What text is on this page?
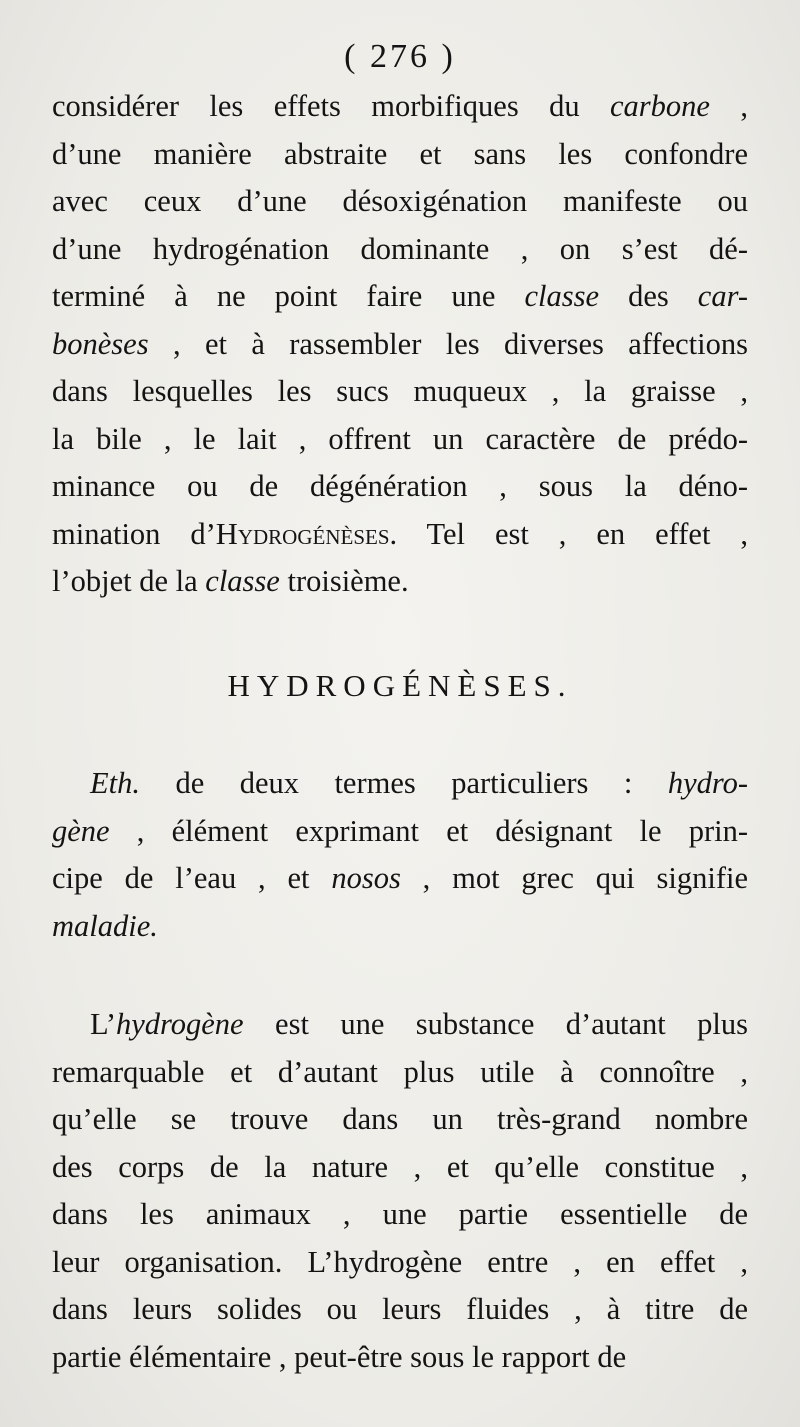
( 276 )
considérer les effets morbifiques du carbone ,
d’une manière abstraite et sans les confondre
avec ceux d’une désoxigénation manifeste ou
d’une hydrogénation dominante , on s’est dé-
terminé à ne point faire une classe des car-
bonèses , et à rassembler les diverses affections
dans lesquelles les sucs muqueux , la graisse ,
la bile , le lait , offrent un caractère de prédo-
minance ou de dégénération , sous la déno-
mination d’Hydrogénèses. Tel est , en effet ,
l’objet de la classe troisième.
HYDROGÉNÈSES.
Eth. de deux termes particuliers : hydro-
gène , élément exprimant et désignant le prin-
cipe de l’eau , et nosos , mot grec qui signifie
maladie.
L’hydrogène est une substance d’autant plus
remarquable et d’autant plus utile à connoître ,
qu’elle se trouve dans un très-grand nombre
des corps de la nature , et qu’elle constitue ,
dans les animaux , une partie essentielle de
leur organisation. L’hydrogène entre , en effet ,
dans leurs solides ou leurs fluides , à titre de
partie élémentaire , peut-être sous le rapport de
